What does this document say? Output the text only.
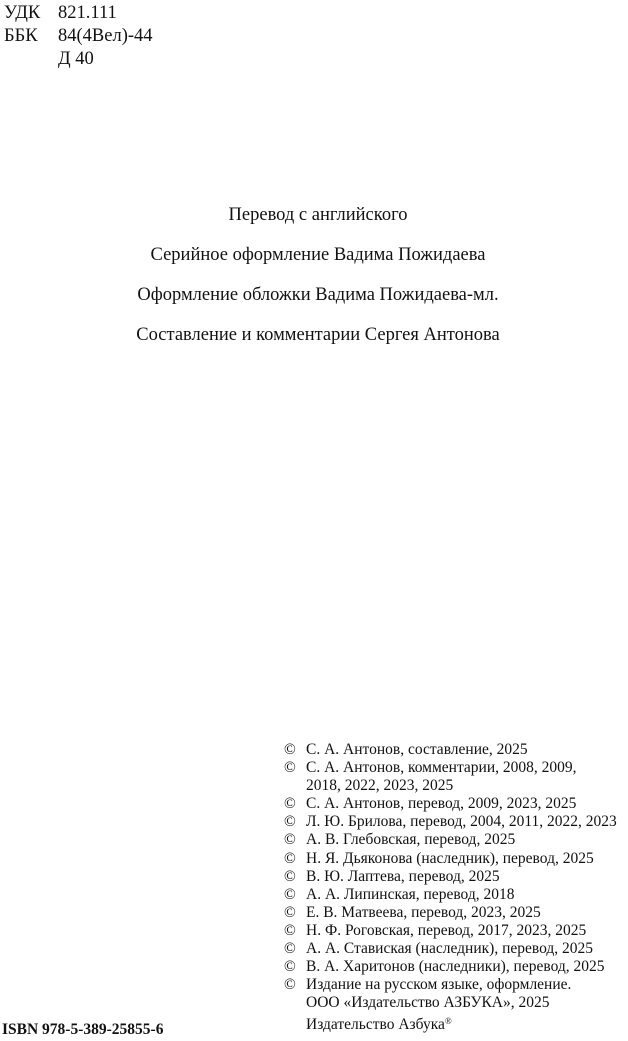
УДК 821.111
ББК	84(4Вел)-44
Д 40
Перевод с английского
Серийное оформление Вадима Пожидаева
Оформление обложки Вадима Пожидаева-мл.
Составление и комментарии Сергея Антонова
© С. А. Антонов, составление, 2025
© С. А. Антонов, комментарии, 2008, 2009,
2018, 2022, 2023, 2025
© С. А. Антонов, перевод, 2009, 2023, 2025
© Л. Ю. Брилова, перевод, 2004, 2011, 2022, 2023
© А. В. Глебовская, перевод, 2025
© Н. Я. Дьяконова (наследник), перевод, 2025
© В. Ю. Лаптева, перевод, 2025
© А. А. Липинская, перевод, 2018
© Е. В. Матвеева, перевод, 2023, 2025
© Н. Ф. Роговская, перевод, 2017, 2023, 2025
© А. А. Ставиская (наследник), перевод, 2025
© В. А. Харитонов (наследники), перевод, 2025
© Издание на русском языке, оформление.
ООО «Издательство АЗБУКА», 2025
Издательство Азбука®
ISBN 978-5-389-25855-6
